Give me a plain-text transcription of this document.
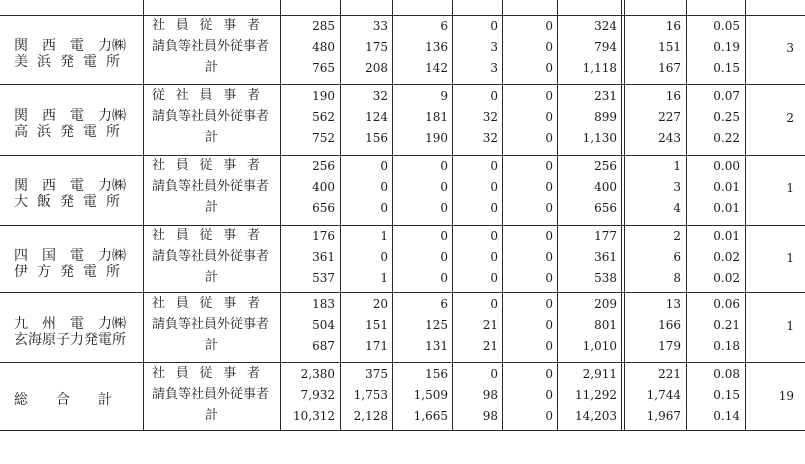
関　西　電　力㈱
美浜発電所
社員従事者	285	33	6	0	0	324	16	0.05
請負等社員外従事者	480	175	136	3	0	794	151	0.19
計	765	208	142	3	0	1,118	167	0.15
3
関　西　電　力㈱
高浜発電所
従社員事者	190	32	9	0	0	231	16	0.07
請負等社員外従事者	562	124	181	32	0	899	227	0.25
計	752	156	190	32	0	1,130	243	0.22
2
関　西　電　力㈱
大飯発電所
社員従事者	256	0	0	0	0	256	1	0.00
請負等社員外従事者	400	0	0	0	0	400	3	0.01
計	656	0	0	0	0	656	4	0.01
1
四　国　電　力㈱
伊方発電所
社員従事者	176	1	0	0	0	177	2	0.01
請負等社員外従事者	361	0	0	0	0	361	6	0.02
計	537	1	0	0	0	538	8	0.02
1
九　州　電　力㈱
玄海原子力発電所
社員従事者	183	20	6	0	0	209	13	0.06
請負等社員外従事者	504	151	125	21	0	801	166	0.21
計	687	171	131	21	0	1,010	179	0.18
1
総　　合　　計
社員従事者	2,380	375	156	0	0	2,911	221	0.08
請負等社員外従事者	7,932	1,753	1,509	98	0	11,292	1,744	0.15
計	10,312	2,128	1,665	98	0	14,203	1,967	0.14
19
